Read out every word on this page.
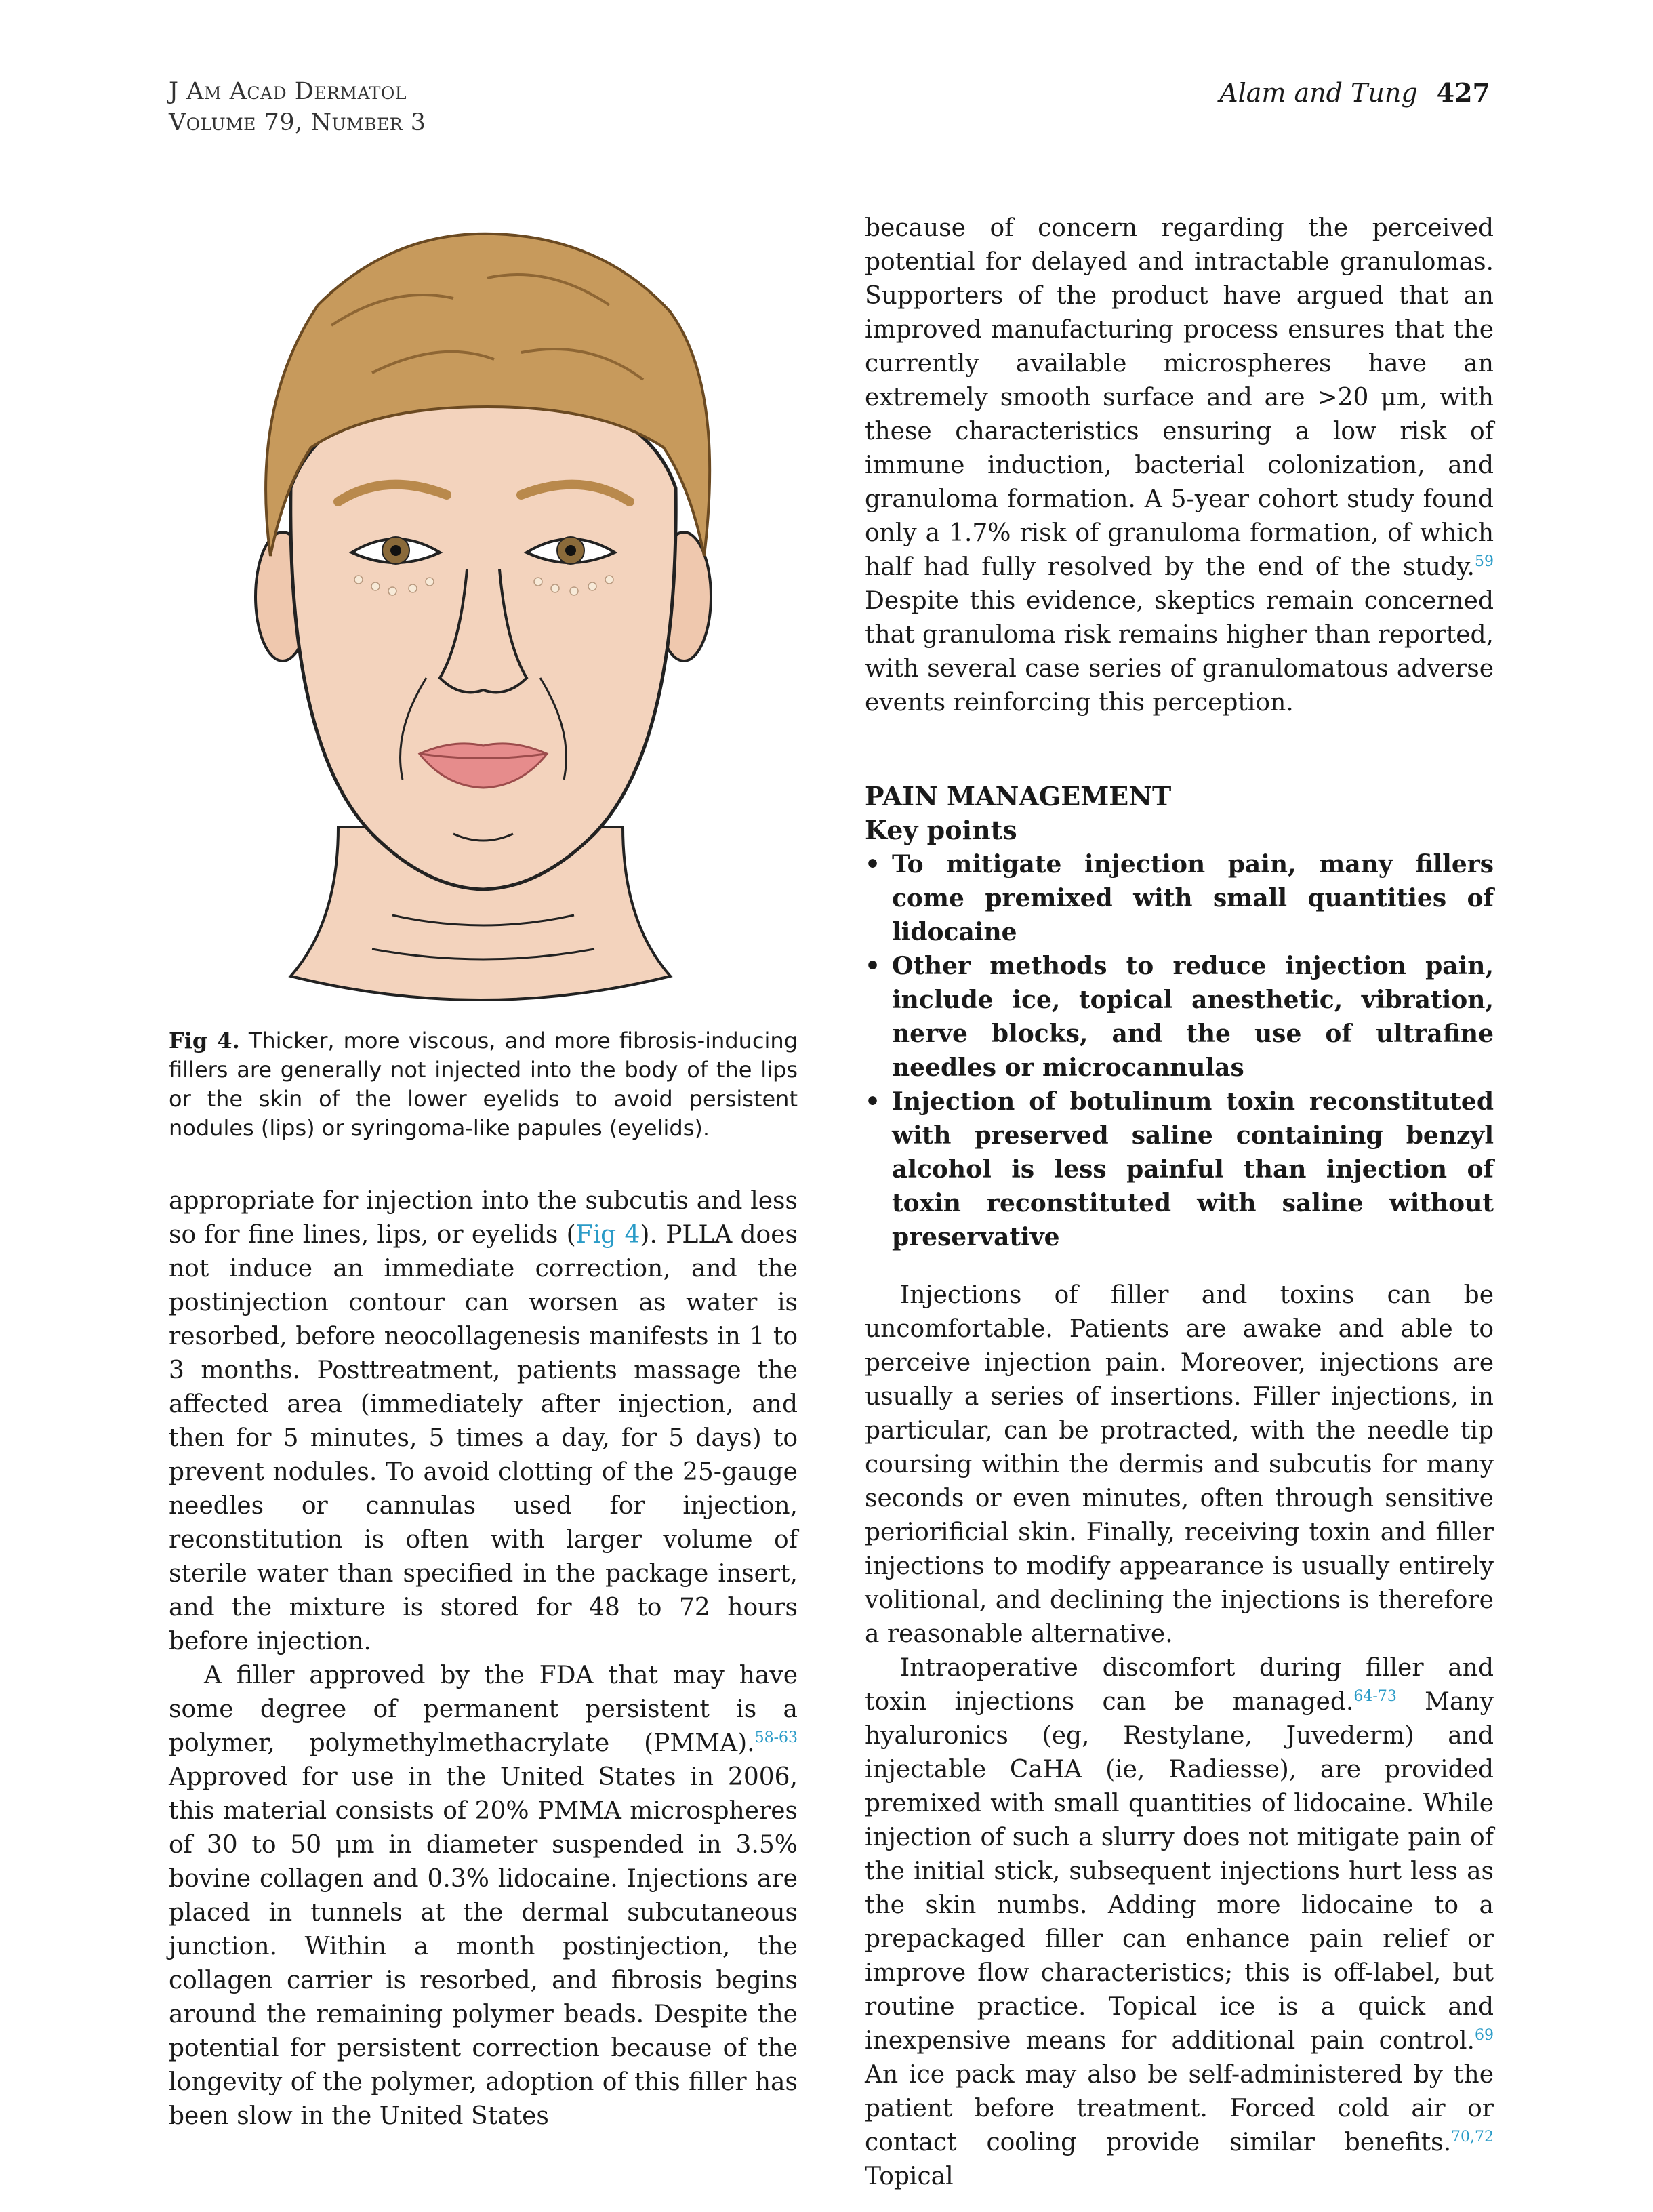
J Am Acad Dermatol
Volume 79, Number 3
Alam and Tung 427
Fig 4. Thicker, more viscous, and more fibrosis-inducing fillers are generally not injected into the body of the lips or the skin of the lower eyelids to avoid persistent nodules (lips) or syringoma-like papules (eyelids).

appropriate for injection into the subcutis and less so for fine lines, lips, or eyelids (Fig 4). PLLA does not induce an immediate correction, and the postinjection contour can worsen as water is resorbed, before neocollagenesis manifests in 1 to 3 months. Posttreatment, patients massage the affected area (immediately after injection, and then for 5 minutes, 5 times a day, for 5 days) to prevent nodules. To avoid clotting of the 25-gauge needles or cannulas used for injection, reconstitution is often with larger volume of sterile water than specified in the package insert, and the mixture is stored for 48 to 72 hours before injection.

A filler approved by the FDA that may have some degree of permanent persistent is a polymer, polymethylmethacrylate (PMMA).$^{58-63}$ Approved for use in the United States in 2006, this material consists of 20% PMMA microspheres of 30 to 50 μm in diameter suspended in 3.5% bovine collagen and 0.3% lidocaine. Injections are placed in tunnels at the dermal subcutaneous junction. Within a month postinjection, the collagen carrier is resorbed, and fibrosis begins around the remaining polymer beads. Despite the potential for persistent correction because of the longevity of the polymer, adoption of this filler has been slow in the United States

because of concern regarding the perceived potential for delayed and intractable granulomas. Supporters of the product have argued that an improved manufacturing process ensures that the currently available microspheres have an extremely smooth surface and are >20 μm, with these characteristics ensuring a low risk of immune induction, bacterial colonization, and granuloma formation. A 5-year cohort study found only a 1.7% risk of granuloma formation, of which half had fully resolved by the end of the study.$^{59}$ Despite this evidence, skeptics remain concerned that granuloma risk remains higher than reported, with several case series of granulomatous adverse events reinforcing this perception.

PAIN MANAGEMENT
Key points
• To mitigate injection pain, many fillers come premixed with small quantities of lidocaine
• Other methods to reduce injection pain, include ice, topical anesthetic, vibration, nerve blocks, and the use of ultrafine needles or microcannulas
• Injection of botulinum toxin reconstituted with preserved saline containing benzyl alcohol is less painful than injection of toxin reconstituted with saline without preservative

Injections of filler and toxins can be uncomfortable. Patients are awake and able to perceive injection pain. Moreover, injections are usually a series of insertions. Filler injections, in particular, can be protracted, with the needle tip coursing within the dermis and subcutis for many seconds or even minutes, often through sensitive periorificial skin. Finally, receiving toxin and filler injections to modify appearance is usually entirely volitional, and declining the injections is therefore a reasonable alternative.

Intraoperative discomfort during filler and toxin injections can be managed.$^{64-73}$ Many hyaluronics (eg, Restylane, Juvederm) and injectable CaHA (ie, Radiesse), are provided premixed with small quantities of lidocaine. While injection of such a slurry does not mitigate pain of the initial stick, subsequent injections hurt less as the skin numbs. Adding more lidocaine to a prepackaged filler can enhance pain relief or improve flow characteristics; this is off-label, but routine practice. Topical ice is a quick and inexpensive means for additional pain control.$^{69}$ An ice pack may also be self-administered by the patient before treatment. Forced cold air or contact cooling provide similar benefits.$^{70,72}$ Topical
